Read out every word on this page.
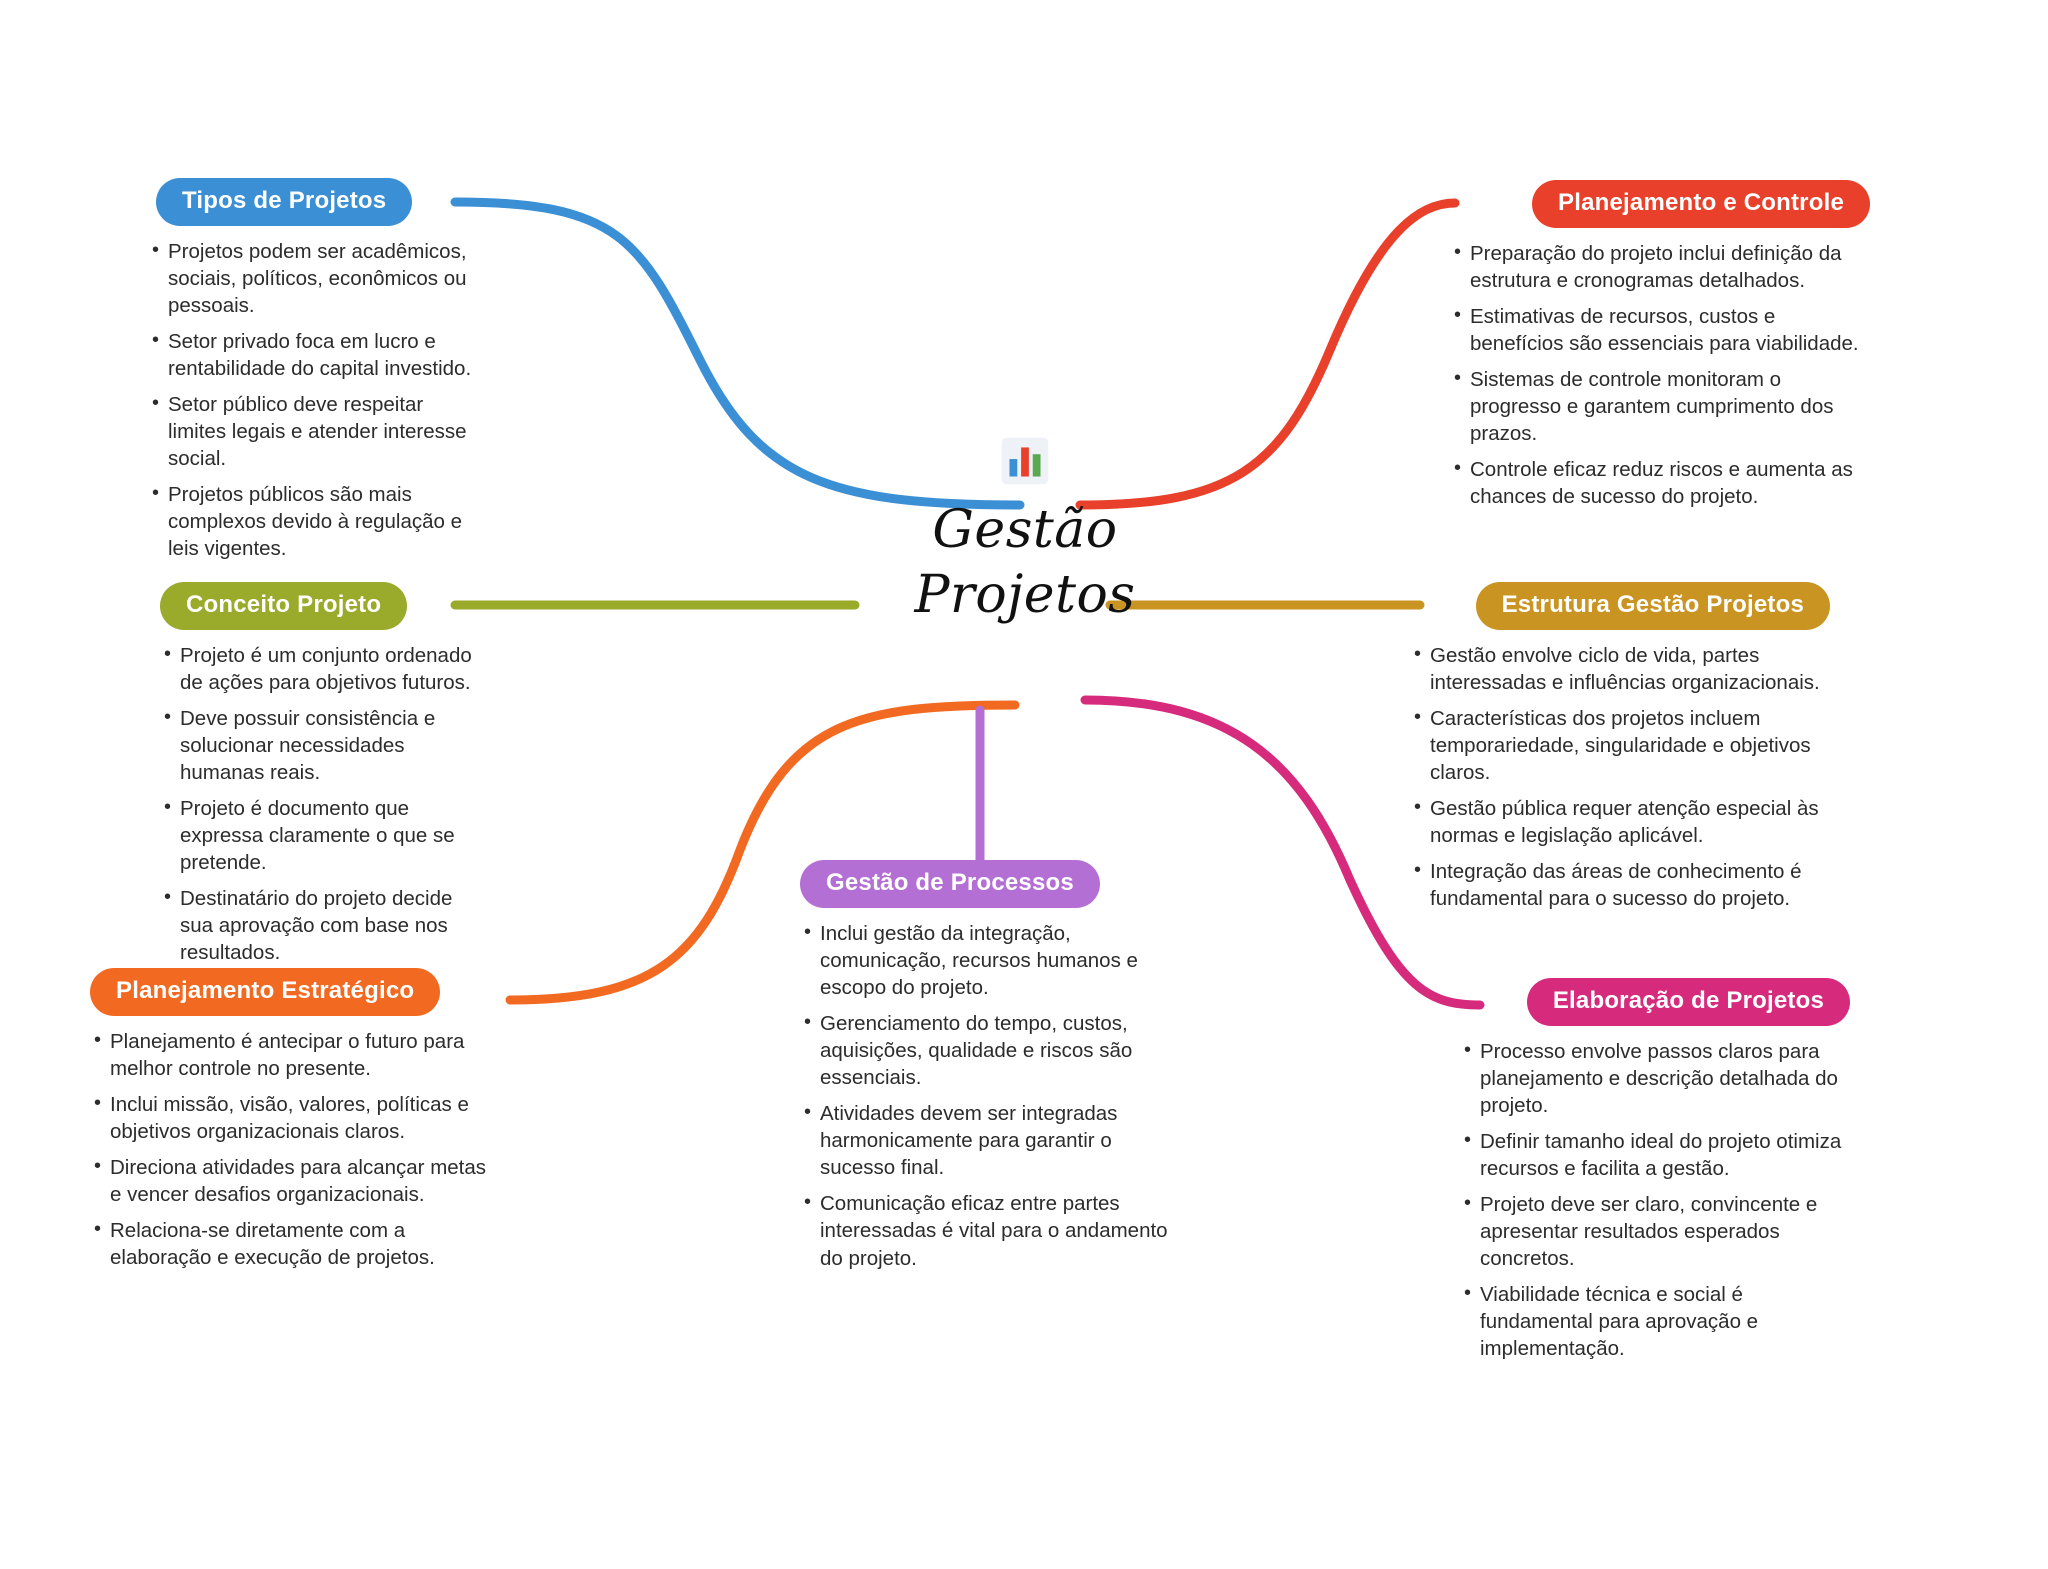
Gestão
Projetos
Tipos de Projetos
• Projetos podem ser acadêmicos, sociais, políticos, econômicos ou pessoais.
• Setor privado foca em lucro e rentabilidade do capital investido.
• Setor público deve respeitar limites legais e atender interesse social.
• Projetos públicos são mais complexos devido à regulação e leis vigentes.
Conceito Projeto
• Projeto é um conjunto ordenado de ações para objetivos futuros.
• Deve possuir consistência e solucionar necessidades humanas reais.
• Projeto é documento que expressa claramente o que se pretende.
• Destinatário do projeto decide sua aprovação com base nos resultados.
Planejamento Estratégico
• Planejamento é antecipar o futuro para melhor controle no presente.
• Inclui missão, visão, valores, políticas e objetivos organizacionais claros.
• Direciona atividades para alcançar metas e vencer desafios organizacionais.
• Relaciona-se diretamente com a elaboração e execução de projetos.
Planejamento e Controle
• Preparação do projeto inclui definição da estrutura e cronogramas detalhados.
• Estimativas de recursos, custos e benefícios são essenciais para viabilidade.
• Sistemas de controle monitoram o progresso e garantem cumprimento dos prazos.
• Controle eficaz reduz riscos e aumenta as chances de sucesso do projeto.
Estrutura Gestão Projetos
• Gestão envolve ciclo de vida, partes interessadas e influências organizacionais.
• Características dos projetos incluem temporariedade, singularidade e objetivos claros.
• Gestão pública requer atenção especial às normas e legislação aplicável.
• Integração das áreas de conhecimento é fundamental para o sucesso do projeto.
Elaboração de Projetos
• Processo envolve passos claros para planejamento e descrição detalhada do projeto.
• Definir tamanho ideal do projeto otimiza recursos e facilita a gestão.
• Projeto deve ser claro, convincente e apresentar resultados esperados concretos.
• Viabilidade técnica e social é fundamental para aprovação e implementação.
Gestão de Processos
• Inclui gestão da integração, comunicação, recursos humanos e escopo do projeto.
• Gerenciamento do tempo, custos, aquisições, qualidade e riscos são essenciais.
• Atividades devem ser integradas harmonicamente para garantir o sucesso final.
• Comunicação eficaz entre partes interessadas é vital para o andamento do projeto.
